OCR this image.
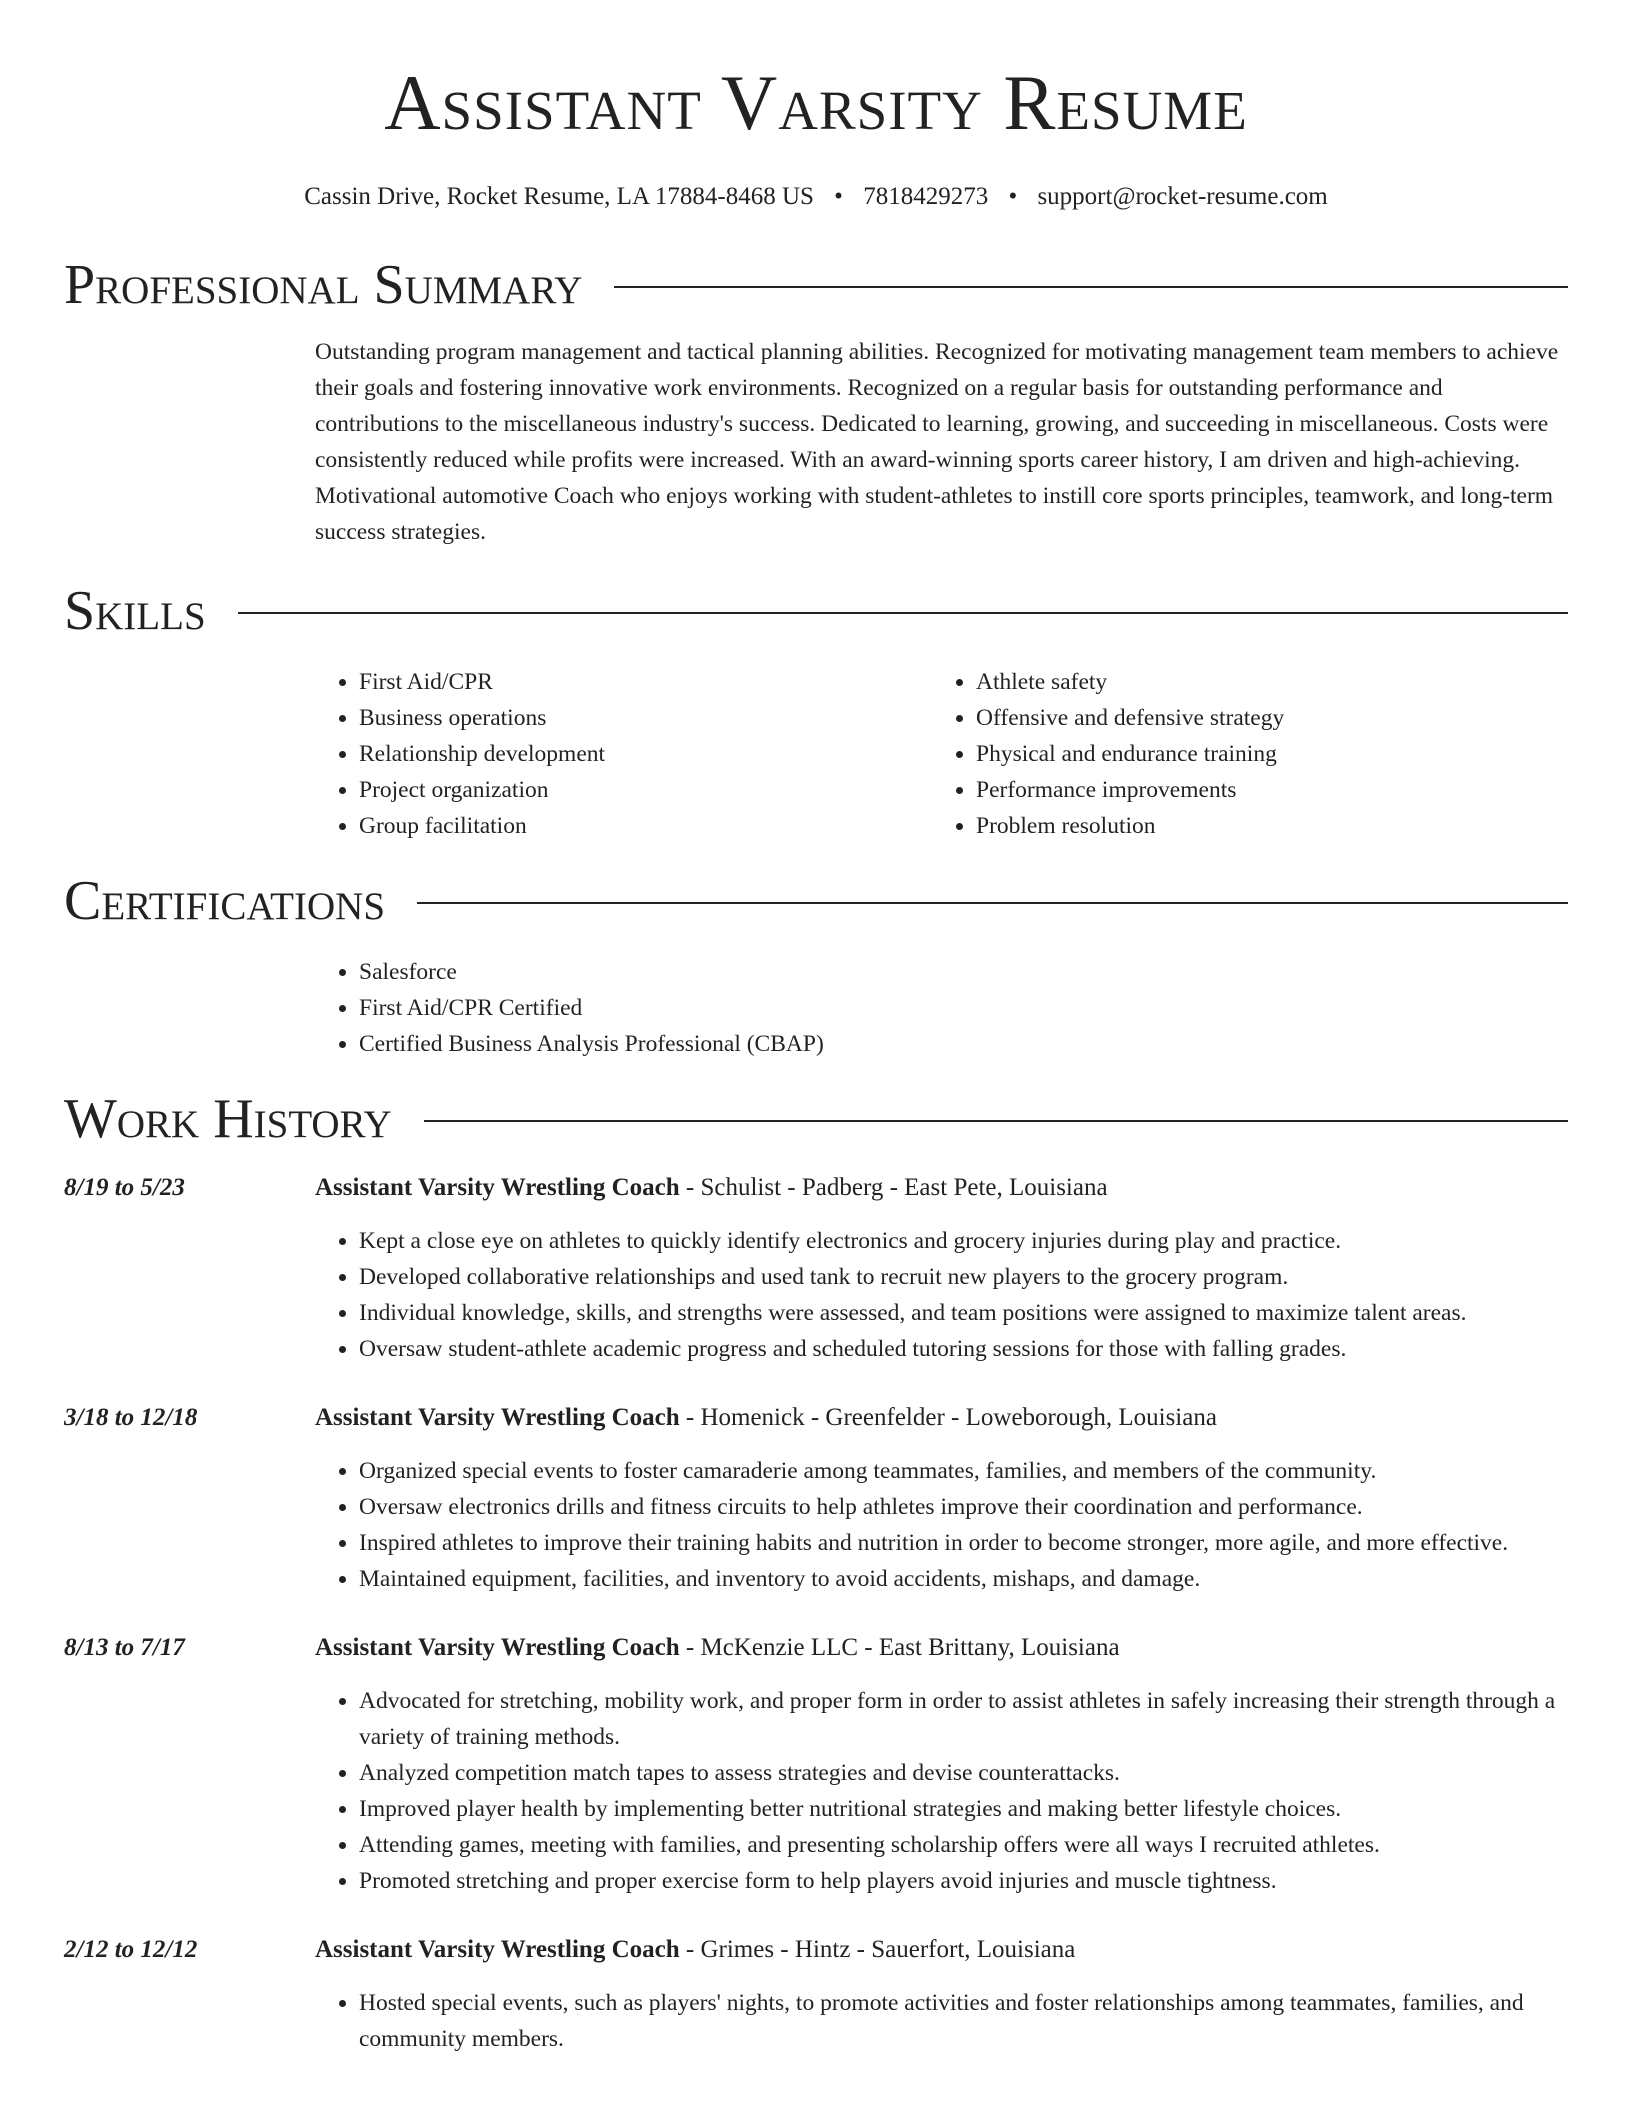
Assistant Varsity Resume
Cassin Drive, Rocket Resume, LA 17884-8468 US • 7818429273 • support@rocket-resume.com
Professional Summary

Outstanding program management and tactical planning abilities. Recognized for motivating management team members to achieve their goals and fostering innovative work environments. Recognized on a regular basis for outstanding performance and contributions to the miscellaneous industry's success. Dedicated to learning, growing, and succeeding in miscellaneous. Costs were consistently reduced while profits were increased. With an award-winning sports career history, I am driven and high-achieving. Motivational automotive Coach who enjoys working with student-athletes to instill core sports principles, teamwork, and long-term success strategies.

Skills
• First Aid/CPR
• Business operations
• Relationship development
• Project organization
• Group facilitation
• Athlete safety
• Offensive and defensive strategy
• Physical and endurance training
• Performance improvements
• Problem resolution
Certifications
• Salesforce
• First Aid/CPR Certified
• Certified Business Analysis Professional (CBAP)
Work History
8/19 to 5/23	Assistant Varsity Wrestling Coach - Schulist - Padberg - East Pete, Louisiana
• Kept a close eye on athletes to quickly identify electronics and grocery injuries during play and practice.
• Developed collaborative relationships and used tank to recruit new players to the grocery program.
• Individual knowledge, skills, and strengths were assessed, and team positions were assigned to maximize talent areas.
• Oversaw student-athlete academic progress and scheduled tutoring sessions for those with falling grades.
3/18 to 12/18	Assistant Varsity Wrestling Coach - Homenick - Greenfelder - Loweborough, Louisiana
• Organized special events to foster camaraderie among teammates, families, and members of the community.
• Oversaw electronics drills and fitness circuits to help athletes improve their coordination and performance.
• Inspired athletes to improve their training habits and nutrition in order to become stronger, more agile, and more effective.
• Maintained equipment, facilities, and inventory to avoid accidents, mishaps, and damage.
8/13 to 7/17	Assistant Varsity Wrestling Coach - McKenzie LLC - East Brittany, Louisiana
• Advocated for stretching, mobility work, and proper form in order to assist athletes in safely increasing their strength through a variety of training methods.
• Analyzed competition match tapes to assess strategies and devise counterattacks.
• Improved player health by implementing better nutritional strategies and making better lifestyle choices.
• Attending games, meeting with families, and presenting scholarship offers were all ways I recruited athletes.
• Promoted stretching and proper exercise form to help players avoid injuries and muscle tightness.
2/12 to 12/12	Assistant Varsity Wrestling Coach - Grimes - Hintz - Sauerfort, Louisiana
• Hosted special events, such as players' nights, to promote activities and foster relationships among teammates, families, and community members.
